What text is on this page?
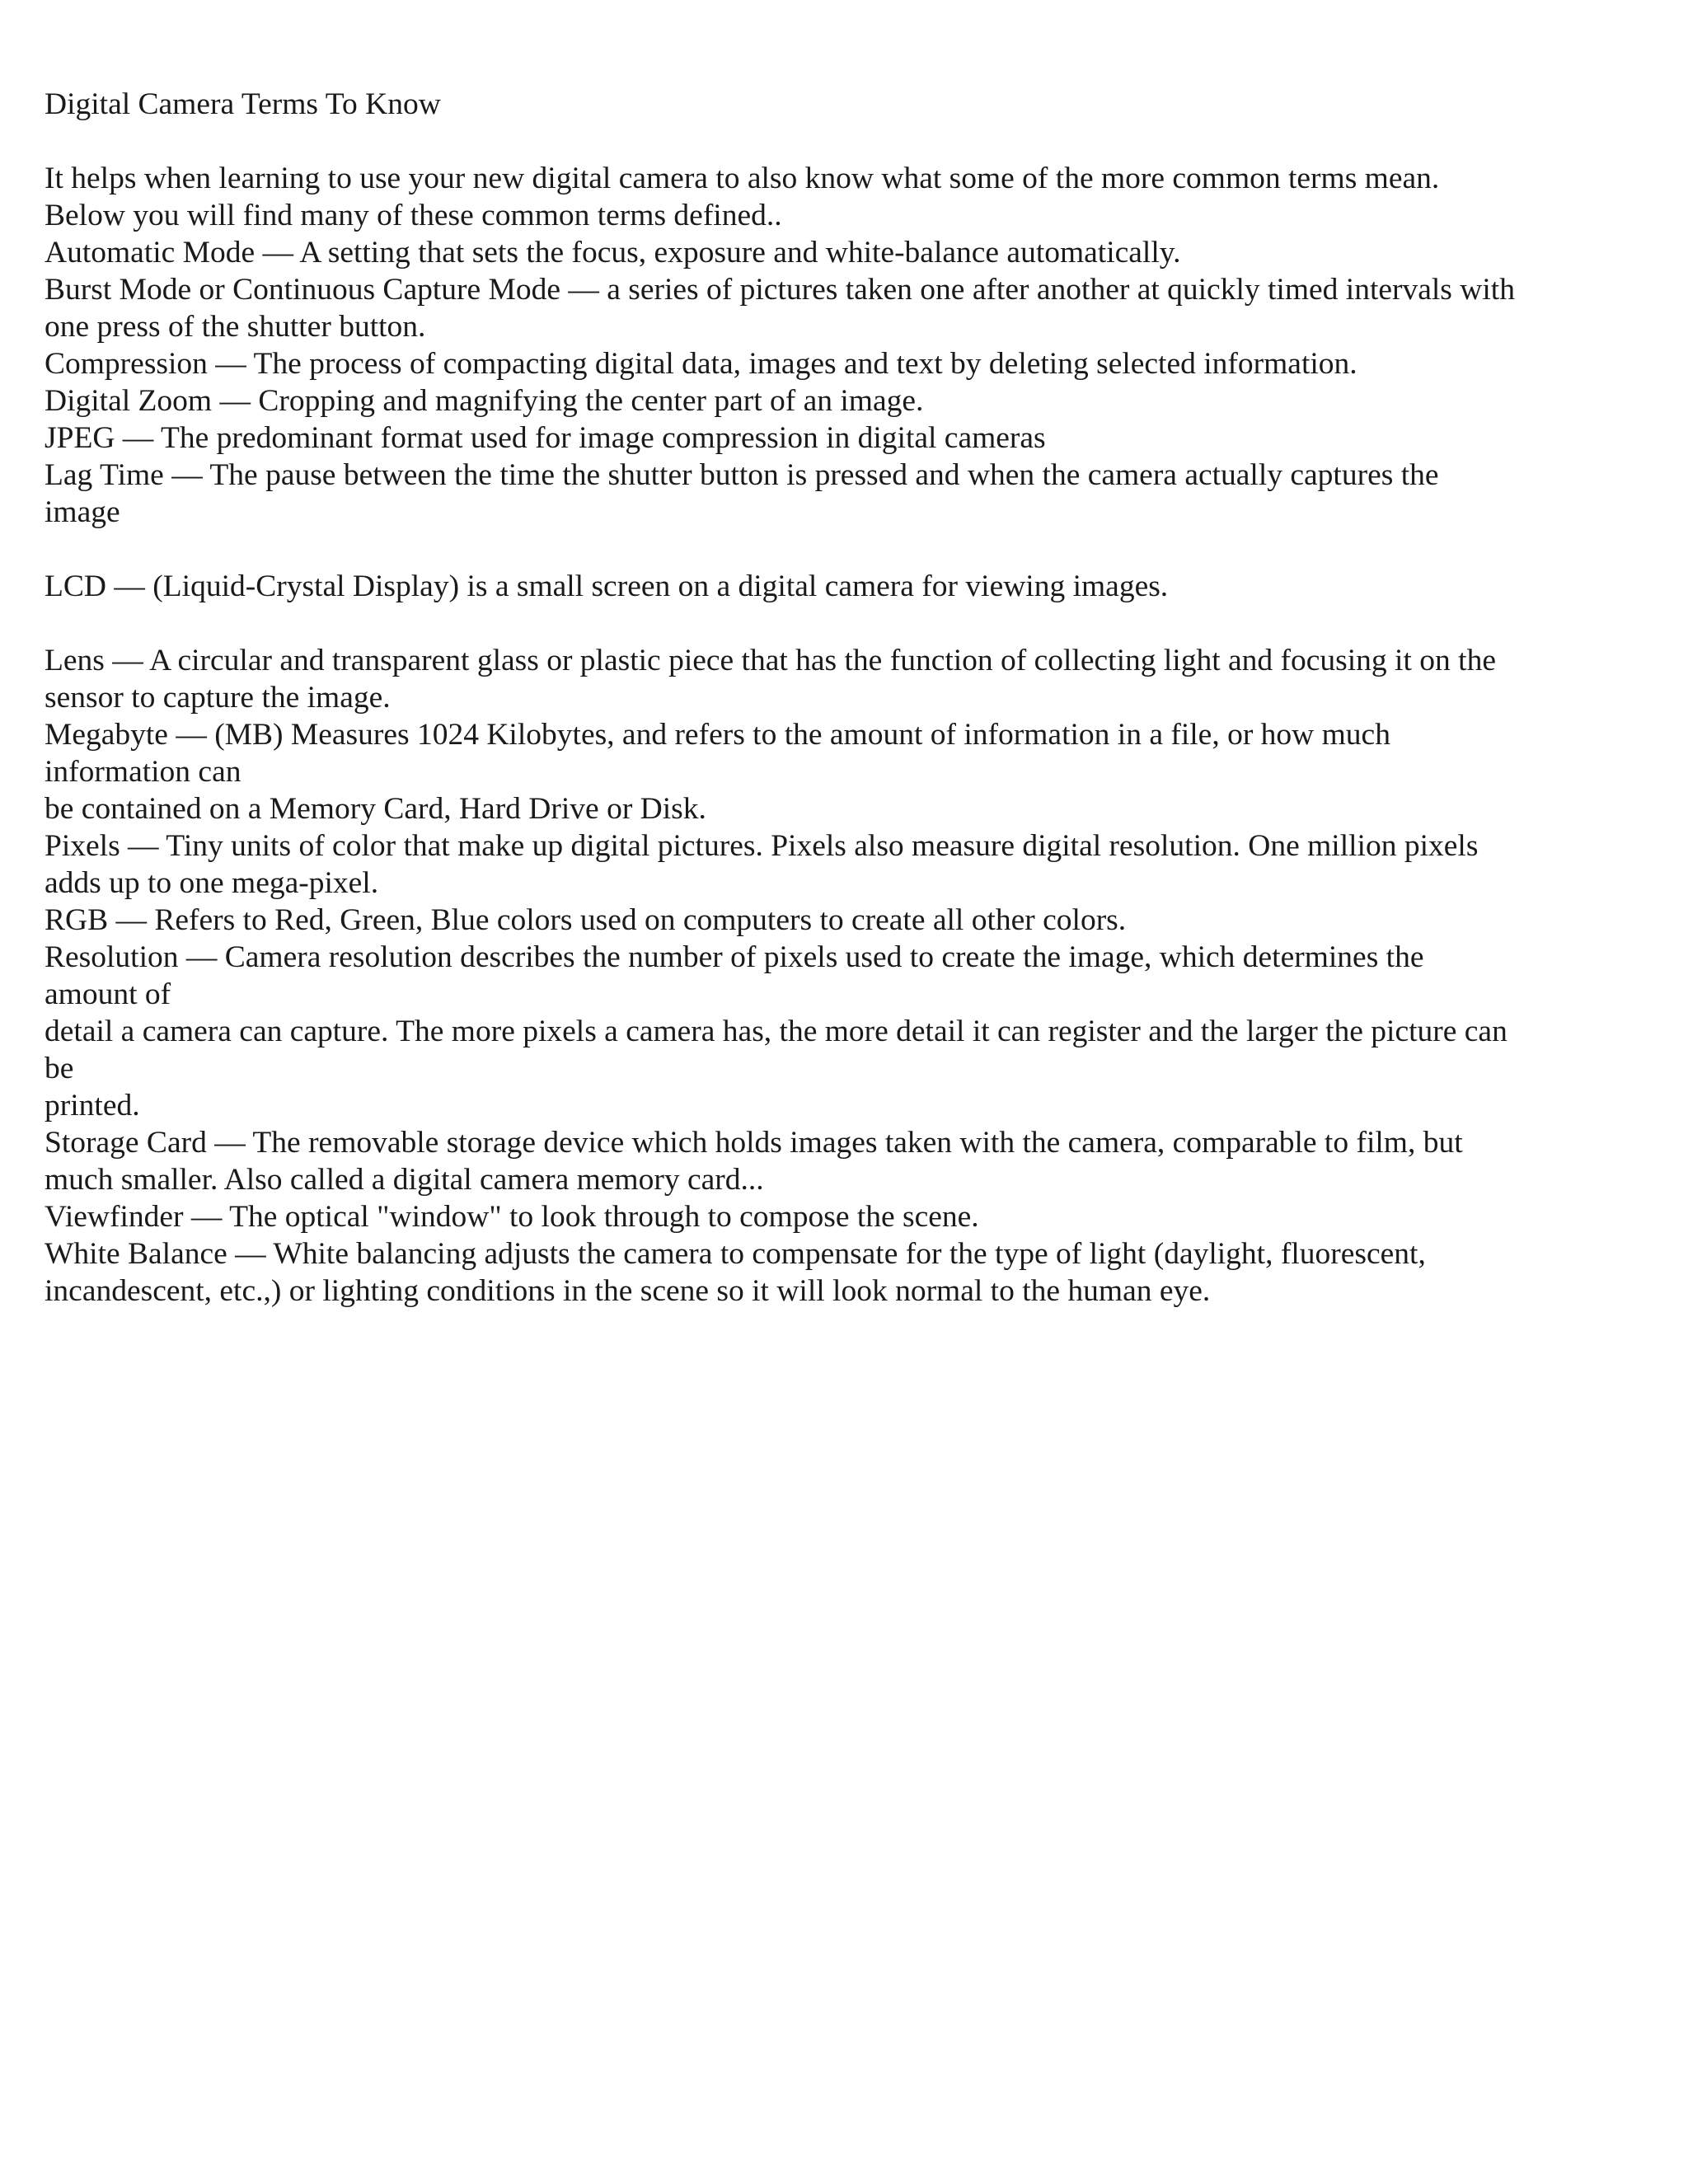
Digital Camera Terms To Know
It helps when learning to use your new digital camera to also know what some of the more common terms mean.
Below you will find many of these common terms defined..
Automatic Mode — A setting that sets the focus, exposure and white-balance automatically.
Burst Mode or Continuous Capture Mode — a series of pictures taken one after another at quickly timed intervals with
one press of the shutter button.
Compression — The process of compacting digital data, images and text by deleting selected information.
Digital Zoom — Cropping and magnifying the center part of an image.
JPEG — The predominant format used for image compression in digital cameras
Lag Time — The pause between the time the shutter button is pressed and when the camera actually captures the
image
LCD — (Liquid-Crystal Display) is a small screen on a digital camera for viewing images.
Lens — A circular and transparent glass or plastic piece that has the function of collecting light and focusing it on the
sensor to capture the image.
Megabyte — (MB) Measures 1024 Kilobytes, and refers to the amount of information in a file, or how much
information can
be contained on a Memory Card, Hard Drive or Disk.
Pixels — Tiny units of color that make up digital pictures. Pixels also measure digital resolution. One million pixels
adds up to one mega-pixel.
RGB — Refers to Red, Green, Blue colors used on computers to create all other colors.
Resolution — Camera resolution describes the number of pixels used to create the image, which determines the
amount of
detail a camera can capture. The more pixels a camera has, the more detail it can register and the larger the picture can
be
printed.
Storage Card — The removable storage device which holds images taken with the camera, comparable to film, but
much smaller. Also called a digital camera memory card...
Viewfinder — The optical "window" to look through to compose the scene.
White Balance — White balancing adjusts the camera to compensate for the type of light (daylight, fluorescent,
incandescent, etc.,) or lighting conditions in the scene so it will look normal to the human eye.
